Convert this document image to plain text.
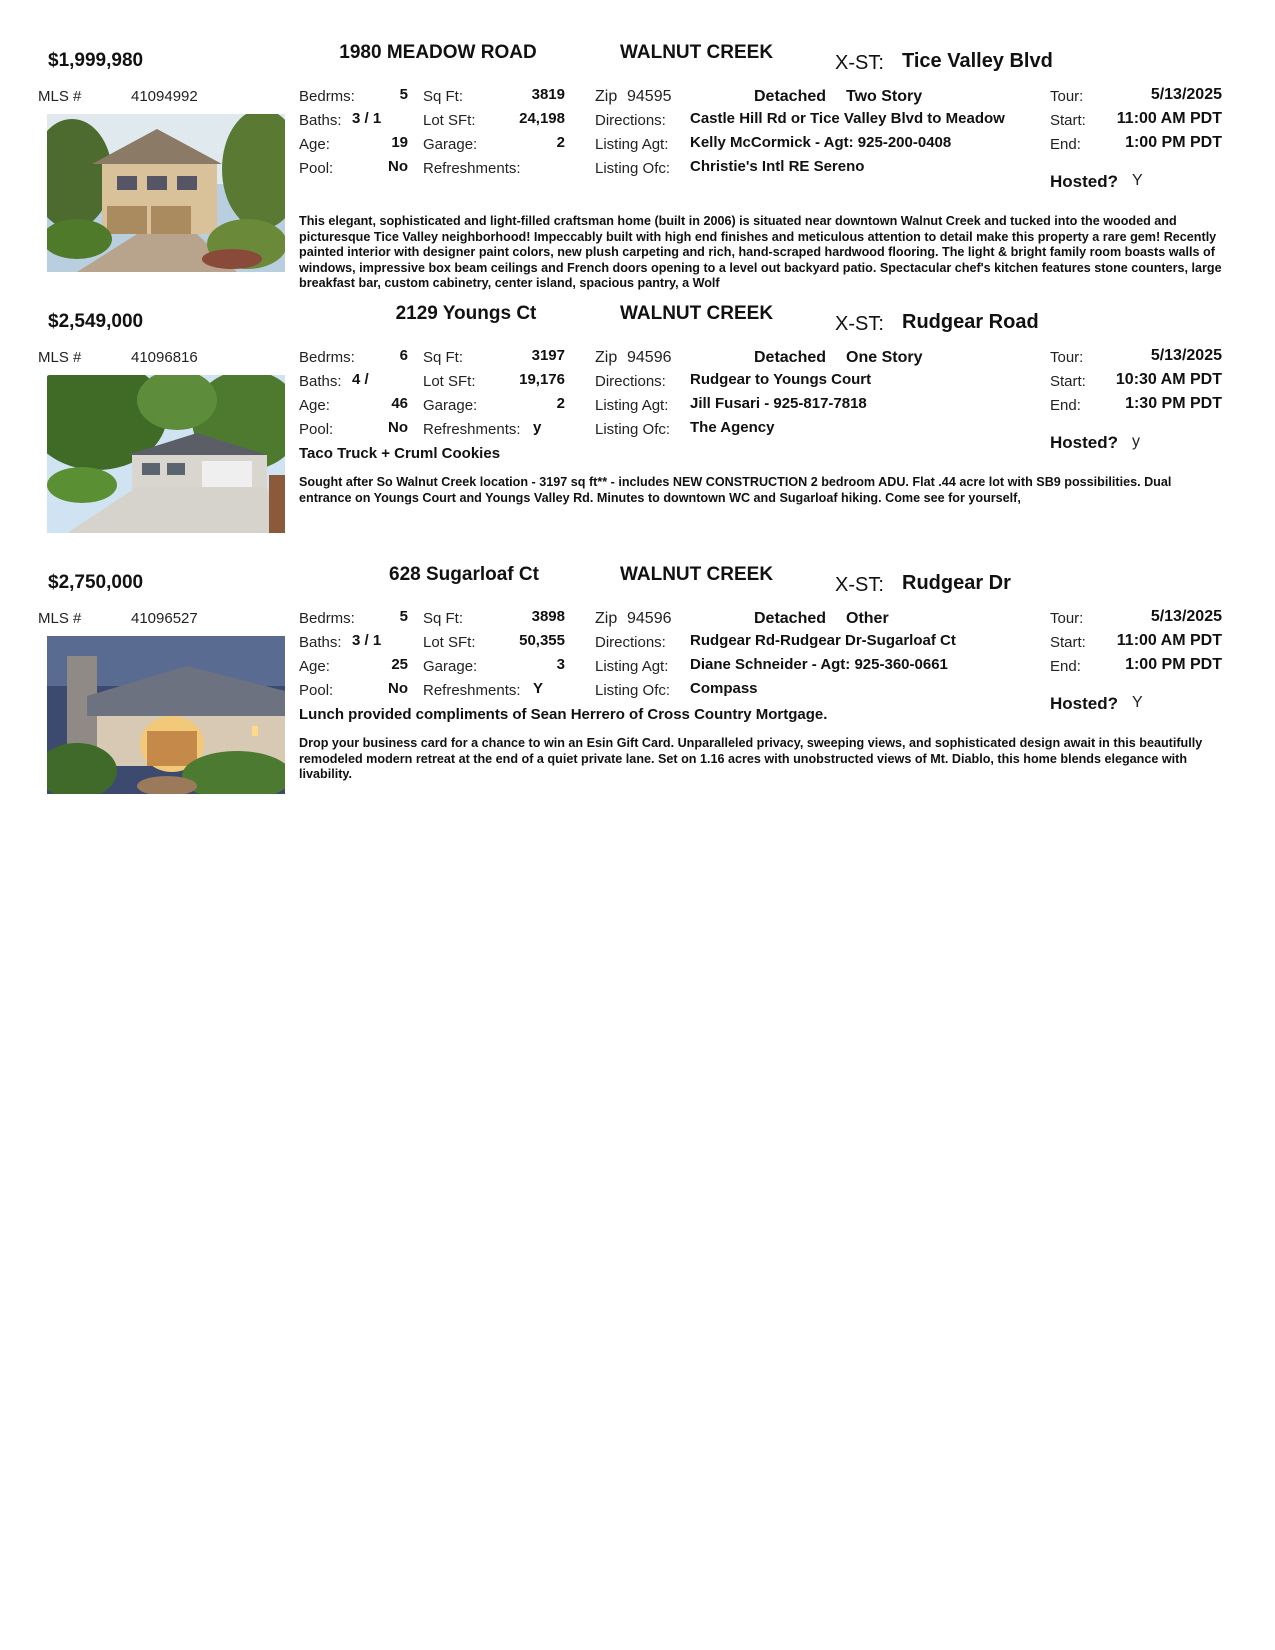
$1,999,980	1980 MEADOW ROAD	WALNUT CREEK	X-ST: Tice Valley Blvd
MLS #	41094992	Bedrms:	5
Baths: 3 / 1
Age:	19
Pool:	No
Sq Ft:	3819
Lot SFt:	24,198
Garage:	2
Refreshments:
Zip 94595	Detached Two Story
Directions: Castle Hill Rd or Tice Valley Blvd to Meadow
Listing Agt: Kelly McCormick - Agt: 925-200-0408
Listing Ofc: Christie's Intl RE Sereno
Tour:	5/13/2025
Start:	11:00 AM PDT
End:	1:00 PM PDT
Hosted? Y
This elegant, sophisticated and light-filled craftsman home (built in 2006) is situated near downtown Walnut Creek and tucked into the wooded and picturesque Tice Valley neighborhood! Impeccably built with high end finishes and meticulous attention to detail make this property a rare gem! Recently painted interior with designer paint colors, new plush carpeting and rich, hand-scraped hardwood flooring. The light & bright family room boasts walls of windows, impressive box beam ceilings and French doors opening to a level out backyard patio. Spectacular chef's kitchen features stone counters, large breakfast bar, custom cabinetry, center island, spacious pantry, a Wolf
$2,549,000	2129 Youngs Ct	WALNUT CREEK	X-ST: Rudgear Road
MLS #	41096816	Bedrms:	6
Baths: 4 /
Age:	46
Pool:	No
Sq Ft:	3197
Lot SFt:	19,176
Garage:	2
Refreshments: y
Zip 94596	Detached One Story
Directions: Rudgear to Youngs Court
Listing Agt: Jill Fusari - 925-817-7818
Listing Ofc: The Agency
Tour:	5/13/2025
Start:	10:30 AM PDT
End:	1:30 PM PDT
Hosted? y
Taco Truck + Cruml Cookies
Sought after So Walnut Creek location - 3197 sq ft** - includes NEW CONSTRUCTION 2 bedroom ADU. Flat .44 acre lot with SB9 possibilities. Dual entrance on Youngs Court and Youngs Valley Rd. Minutes to downtown WC and Sugarloaf hiking. Come see for yourself,
$2,750,000	628 Sugarloaf Ct	WALNUT CREEK	X-ST: Rudgear Dr
MLS #	41096527	Bedrms:	5
Baths: 3 / 1
Age:	25
Pool:	No
Sq Ft:	3898
Lot SFt:	50,355
Garage:	3
Refreshments: Y
Zip 94596	Detached Other
Directions: Rudgear Rd-Rudgear Dr-Sugarloaf Ct
Listing Agt: Diane Schneider - Agt: 925-360-0661
Listing Ofc: Compass
Tour:	5/13/2025
Start:	11:00 AM PDT
End:	1:00 PM PDT
Hosted? Y
Lunch provided compliments of Sean Herrero of Cross Country Mortgage.
Drop your business card for a chance to win an Esin Gift Card. Unparalleled privacy, sweeping views, and sophisticated design await in this beautifully remodeled modern retreat at the end of a quiet private lane. Set on 1.16 acres with unobstructed views of Mt. Diablo, this home blends elegance with livability.
